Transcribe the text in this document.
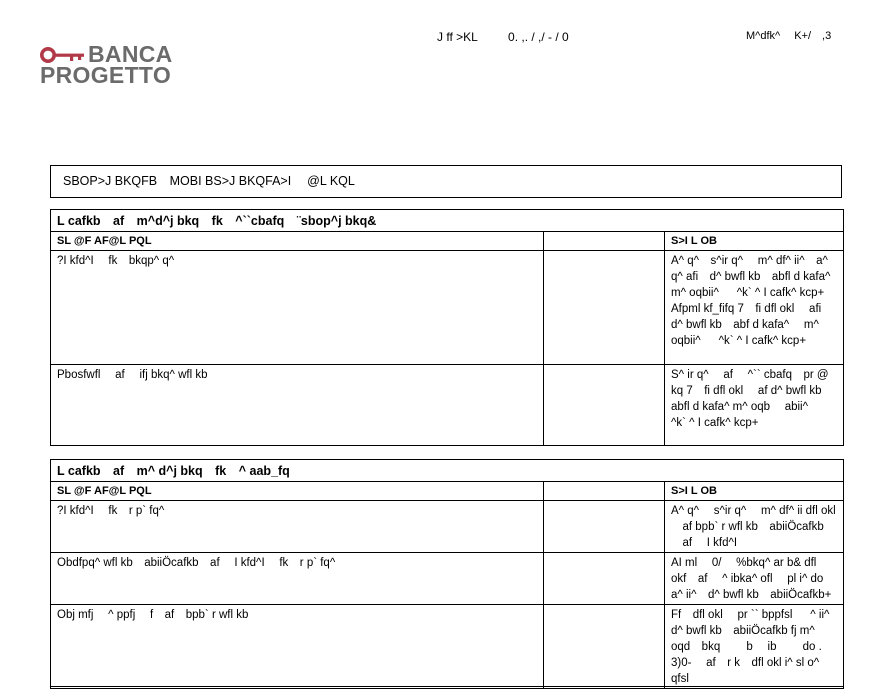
BANCA
PROGETTO
J ff >KL    0. ,. / ,/ - / 0	M^dfk^  K+/ ,3
SBOP>J BKQFB MOBI BS>J BKQFA>I  @L KQL
L cafkb af m^d^j bkq fk ^``cbafq ¨sbop^j bkq&		
SL @F AF@L PQL		S>I L OB
?I kfd^I  fk bkqp^ q^		A^ q^ s^ir q^  m^ df^ ii^ a^ q^ afi d^ bwfl kb abfl d kafa^ m^ oqbii^   ^k` ^ I cafk^ kcp+ Afpml kf_fifq 7 fi dfl okl  afi d^ bwfl kb abf d kafa^  m^ oqbii^   ^k` ^ I cafk^ kcp+
Pbosfwfl  af  ifj bkq^ wfl kb		S^ ir q^  af  ^`` cbafq pr @ kq 7 fi dfl okl  af d^ bwfl kb abfl d kafa^ m^ oqb  abii^   ^k` ^ I cafk^ kcp+
L cafkb af m^ d^j bkq fk ^ aab_fq		
SL @F AF@L PQL		S>I L OB
?I kfd^I  fk r p` fq^		A^ q^  s^ir q^  m^ df^ ii dfl okl  af bpb` r wfl kb abiiÖcafkb  af  I kfd^I
Obdfpq^ wfl kb abiiÖcafkb af  I kfd^I  fk r p` fq^		AI ml  0/  %bkq^ ar b& dfl okf af  ^ ibka^ ofl  pl i^ do a^ ii^ d^ bwfl kb abiiÖcafkb+
Obj mfj  ^ ppfj  f af bpb` r wfl kb		Ff dfl okl  pr `` bppfsl   ^ ii^ d^ bwfl kb abiiÖcafkb fj m^ oqd bkq   b  ib   do . 3)0-  af r k dfl okl i^ sl o^ qfsl
